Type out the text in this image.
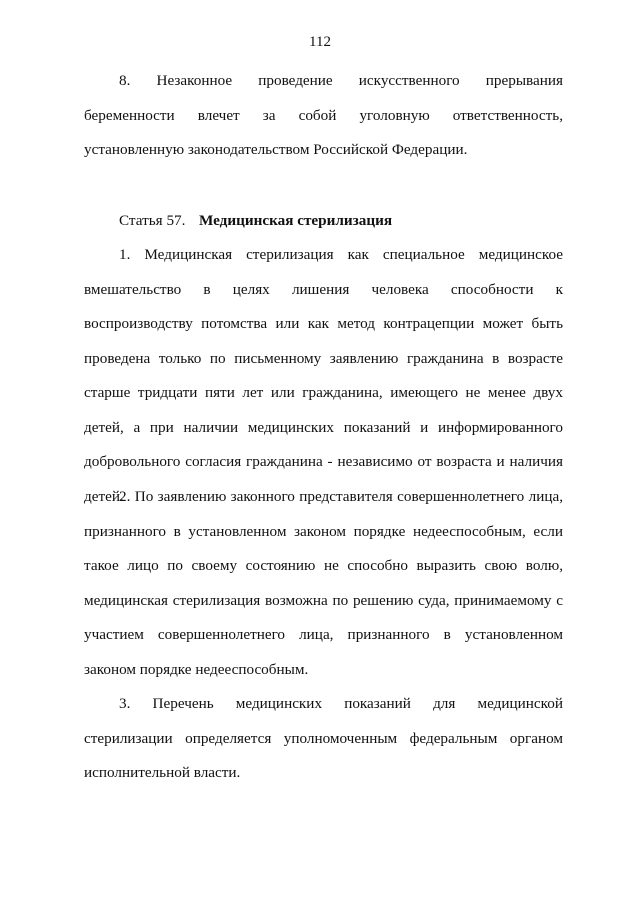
112

8. Незаконное проведение искусственного прерывания беременности влечет за собой уголовную ответственность, установленную законодательством Российской Федерации.

Статья 57. Медицинская стерилизация

1. Медицинская стерилизация как специальное медицинское вмешательство в целях лишения человека способности к воспроизводству потомства или как метод контрацепции может быть проведена только по письменному заявлению гражданина в возрасте старше тридцати пяти лет или гражданина, имеющего не менее двух детей, а при наличии медицинских показаний и информированного добровольного согласия гражданина - независимо от возраста и наличия детей.

2. По заявлению законного представителя совершеннолетнего лица, признанного в установленном законом порядке недееспособным, если такое лицо по своему состоянию не способно выразить свою волю, медицинская стерилизация возможна по решению суда, принимаемому с участием совершеннолетнего лица, признанного в установленном законом порядке недееспособным.

3. Перечень медицинских показаний для медицинской стерилизации определяется уполномоченным федеральным органом исполнительной власти.
